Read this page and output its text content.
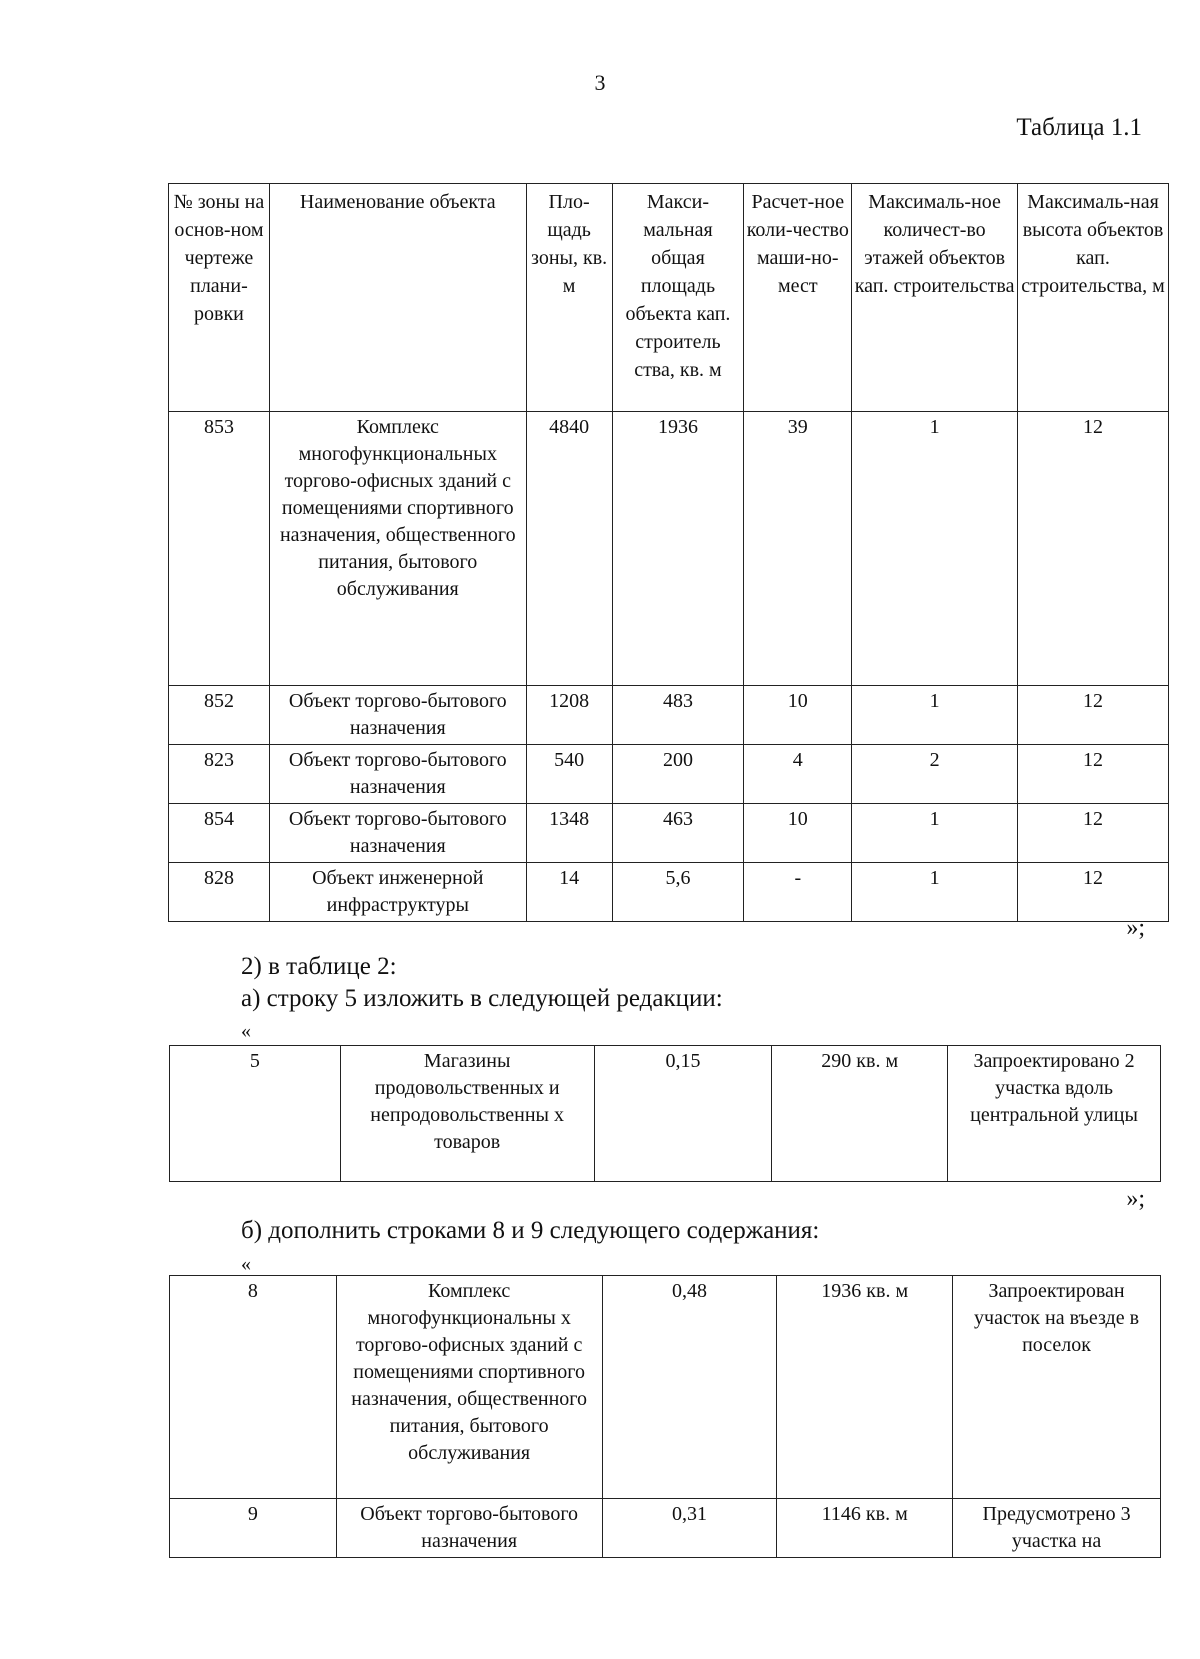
3
Таблица 1.1
№ зоны на основ-ном чертеже плани-ровки	Наименование объекта	Пло-щадь зоны, кв. м	Макси-мальная общая площадь объекта кап. строитель ства, кв. м	Расчет-ное коли-чество маши-но-мест	Максималь-ное количест-во этажей объектов кап. строительства	Максималь-ная высота объектов кап. строительства, м
853	Комплекс многофункциональных торгово-офисных зданий с помещениями спортивного назначения, общественного питания, бытового обслуживания	4840	1936	39	1	12
852	Объект торгово-бытового назначения	1208	483	10	1	12
823	Объект торгово-бытового назначения	540	200	4	2	12
854	Объект торгово-бытового назначения	1348	463	10	1	12
828	Объект инженерной инфраструктуры	14	5,6	-	1	12
»;
2) в таблице 2:
а) строку 5 изложить в следующей редакции:
«
5	Магазины продовольственных и непродовольственны х товаров	0,15	290 кв. м	Запроектировано 2 участка вдоль центральной улицы
»;
б) дополнить строками 8 и 9 следующего содержания:
«
8	Комплекс многофункциональны х торгово-офисных зданий с помещениями спортивного назначения, общественного питания, бытового обслуживания	0,48	1936 кв. м	Запроектирован участок на въезде в поселок
9	Объект торгово-бытового назначения	0,31	1146 кв. м	Предусмотрено 3 участка на
